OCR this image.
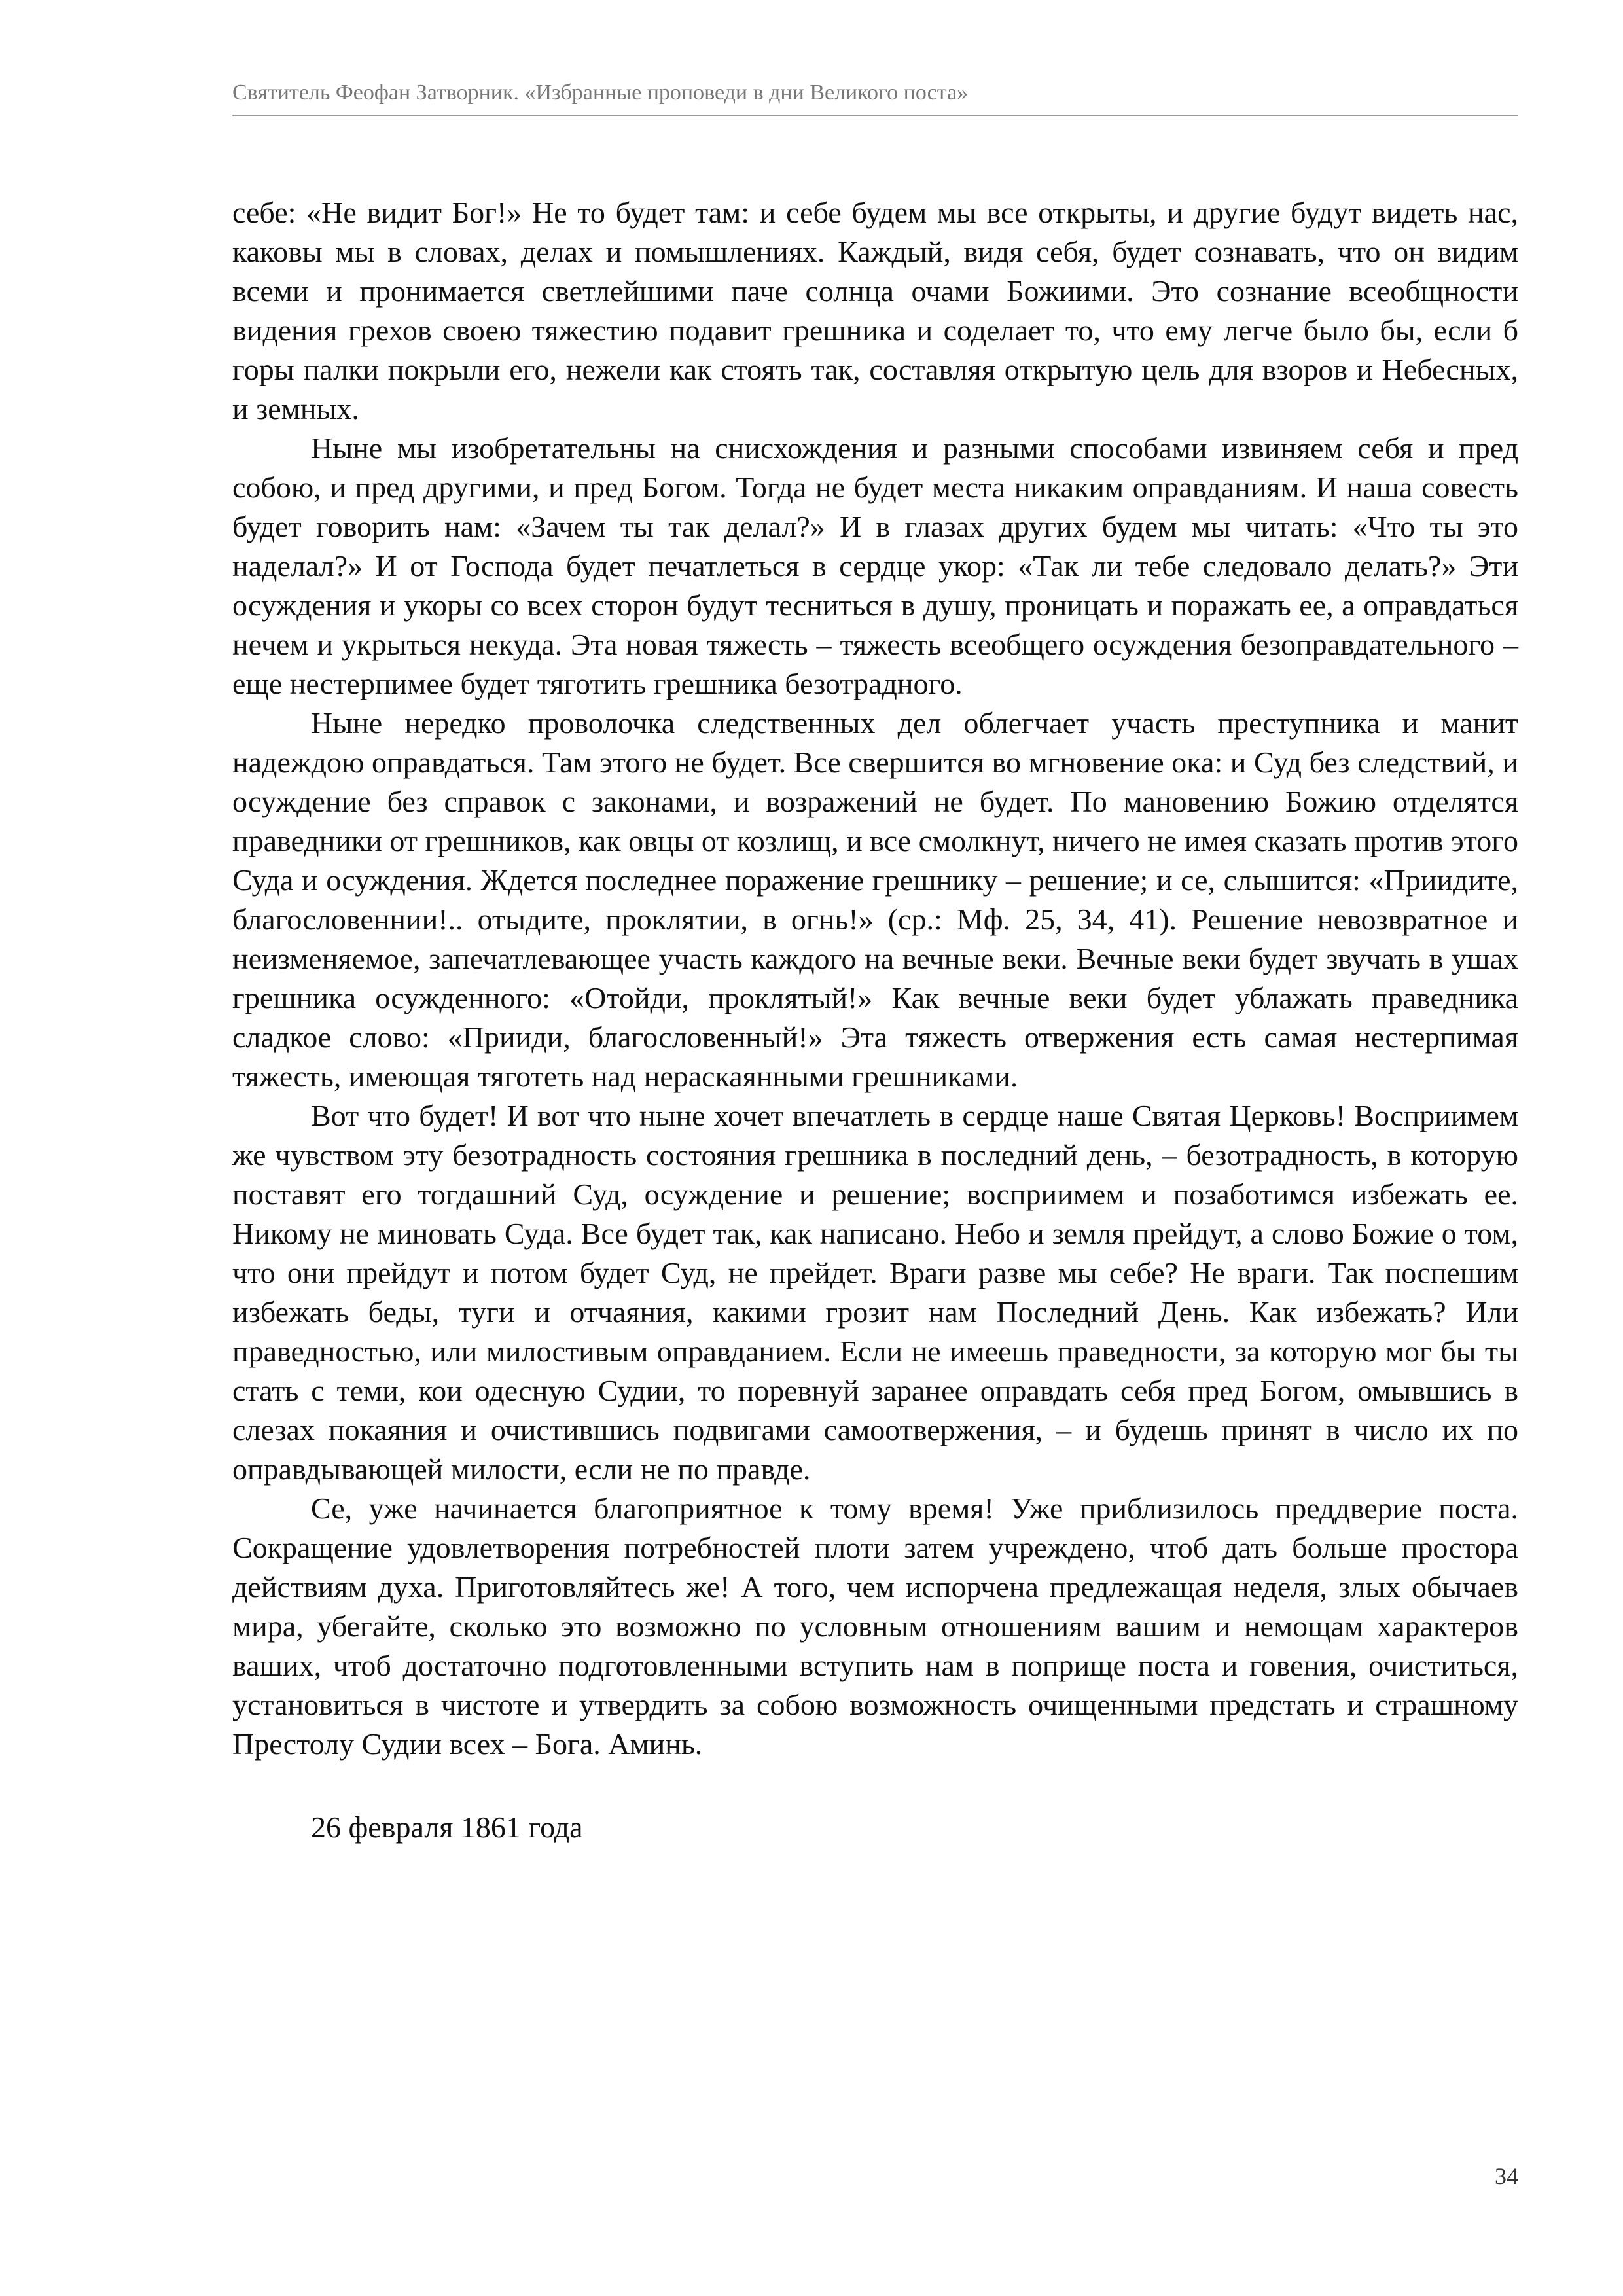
Святитель Феофан Затворник. «Избранные проповеди в дни Великого поста»

себе: «Не видит Бог!» Не то будет там: и себе будем мы все открыты, и другие будут видеть нас, каковы мы в словах, делах и помышлениях. Каждый, видя себя, будет сознавать, что он видим всеми и пронимается светлейшими паче солнца очами Божиими. Это сознание всеобщности видения грехов своею тяжестию подавит грешника и соделает то, что ему легче было бы, если б горы палки покрыли его, нежели как стоять так, составляя открытую цель для взоров и Небесных, и земных.

Ныне мы изобретательны на снисхождения и разными способами извиняем себя и пред собою, и пред другими, и пред Богом. Тогда не будет места никаким оправданиям. И наша совесть будет говорить нам: «Зачем ты так делал?» И в глазах других будем мы читать: «Что ты это наделал?» И от Господа будет печатлеться в сердце укор: «Так ли тебе следовало делать?» Эти осуждения и укоры со всех сторон будут тесниться в душу, проницать и поражать ее, а оправдаться нечем и укрыться некуда. Эта новая тяжесть – тяжесть всеобщего осуждения безоправдательного – еще нестерпимее будет тяготить грешника безотрадного.

Ныне нередко проволочка следственных дел облегчает участь преступника и манит надеждою оправдаться. Там этого не будет. Все свершится во мгновение ока: и Суд без следствий, и осуждение без справок с законами, и возражений не будет. По мановению Божию отделятся праведники от грешников, как овцы от козлищ, и все смолкнут, ничего не имея сказать против этого Суда и осуждения. Ждется последнее поражение грешнику – решение; и се, слышится: «Приидите, благословеннии!.. отыдите, проклятии, в огнь!» (ср.: Мф. 25, 34, 41). Решение невозвратное и неизменяемое, запечатлевающее участь каждого на вечные веки. Вечные веки будет звучать в ушах грешника осужденного: «Отойди, проклятый!» Как вечные веки будет ублажать праведника сладкое слово: «Прииди, благословенный!» Эта тяжесть отвержения есть самая нестерпимая тяжесть, имеющая тяготеть над нераскаянными грешниками.

Вот что будет! И вот что ныне хочет впечатлеть в сердце наше Святая Церковь! Восприимем же чувством эту безотрадность состояния грешника в последний день, – безотрадность, в которую поставят его тогдашний Суд, осуждение и решение; восприимем и позаботимся избежать ее. Никому не миновать Суда. Все будет так, как написано. Небо и земля прейдут, а слово Божие о том, что они прейдут и потом будет Суд, не прейдет. Враги разве мы себе? Не враги. Так поспешим избежать беды, туги и отчаяния, какими грозит нам Последний День. Как избежать? Или праведностью, или милостивым оправданием. Если не имеешь праведности, за которую мог бы ты стать с теми, кои одесную Судии, то поревнуй заранее оправдать себя пред Богом, омывшись в слезах покаяния и очистившись подвигами самоотвержения, – и будешь принят в число их по оправдывающей милости, если не по правде.

Се, уже начинается благоприятное к тому время! Уже приблизилось преддверие поста. Сокращение удовлетворения потребностей плоти затем учреждено, чтоб дать больше простора действиям духа. Приготовляйтесь же! А того, чем испорчена предлежащая неделя, злых обычаев мира, убегайте, сколько это возможно по условным отношениям вашим и немощам характеров ваших, чтоб достаточно подготовленными вступить нам в поприще поста и говения, очиститься, установиться в чистоте и утвердить за собою возможность очищенными предстать и страшному Престолу Судии всех – Бога. Аминь.

26 февраля 1861 года
34
